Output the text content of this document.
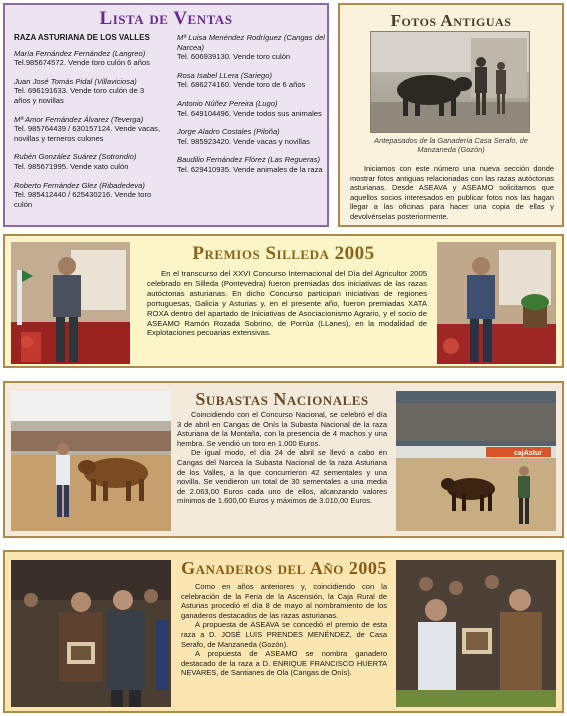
Lista de Ventas
RAZA ASTURIANA DE LOS VALLES
María Fernández Fernández (Langreo)
Tel.985674572. Vende toro culón 6 años
Juan José Tomás Pidal (Villaviciosa)
Tel. 696191633. Vende toro culón de 3 años y novillas
Mª Amor Fernández Álvarez (Teverga)
Tel. 985764439 / 630157124. Vende vacas, novillas y terneros culones
Rubén González Suárez (Sotrondio)
Tel. 985671995. Vende xato culón
Roberto Fernández Glez (Ribadedeva)
Tel. 985412440 / 625430216. Vende toro culón
Mª Luisa Menéndez Rodríguez (Cangas del Narcea)
Tel. 606939130. Vende toro culón
Rosa Isabel LLera (Sariego)
Tel. 686274160. Vende toro de 6 años
Antonio Núñez Pereira (Lugo)
Tel. 649104496. Vende todos sus animales
Jorge Aladro Costales (Piloña)
Tel. 985923420. Vende vacas y novillas
Baudilio Fernández Flórez (Las Regueras)
Tel. 629410935. Vende animales de la raza
Fotos Antiguas
Antepasados de la Ganadería Casa Serafo, de Manzaneda (Gozón)

Iniciamos con este número una nueva sección donde mostrar fotos antiguas relacionadas con las razas autóctonas asturianas. Desde ASEAVA y ASEAMO solicitamos que aquellos socios interesados en publicar fotos nos las hagan llegar a las oficinas para hacer una copia de ellas y devolvérselas posteriormente.

Premios Silleda 2005

En el transcurso del XXVI Concurso Internacional del Día del Agricultor 2005 celebrado en Silleda (Pontevedra) fueron premiadas dos iniciativas de las razas autóctonas asturianas. En dicho Concurso participan iniciativas de regiones portuguesas, Galicia y Asturias y, en el presente año, fueron premiadas XATA ROXA dentro del apartado de Iniciativas de Asociacionismo Agrario, y el socio de ASEAMO Ramón Rozada Sobrino, de Porrúa (LLanes), en la modalidad de Explotaciones pecuarias extensivas.

Subastas Nacionales

Coincidiendo con el Concurso Nacional, se celebró el día 3 de abril en Cangas de Onís la Subasta Nacional de la raza Asturiana de la Montaña, con la presencia de 4 machos y una hembra. Se vendió un toro en 1.000 Euros.

De igual modo, el día 24 de abril se llevó a cabo en Cangas del Narcea la Subasta Nacional de la raza Asturiana de los Valles, a la que concurrieron 42 sementales y una novilla. Se vendieron un total de 30 sementales a una media de 2.063,00 Euros cada uno de ellos, alcanzando valores mínimos de 1.600,00 Euros y máximos de 3.010,00 Euros.

cajAstur
Ganaderos del Año 2005

Como en años anteriores y, coincidiendo con la celebración de la Feria de la Ascensión, la Caja Rural de Asturias procedió el día 8 de mayo al nombramiento de los ganaderos destacados de las razas asturianas.

A propuesta de ASEAVA se concedió el premio de esta raza a D. JOSÉ LUIS PRENDES MENÉNDEZ, de Casa Serafo, de Manzaneda (Gozón).

A propuesta de ASEAMO se nombra ganadero destacado de la raza a D. ENRIQUE FRANCISCO HUERTA NEVARES, de Santianes de Ola (Cangas de Onís).
